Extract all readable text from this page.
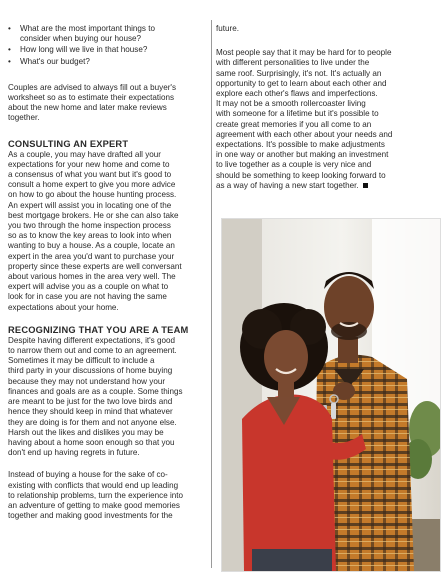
• What are the most important things to
consider when buying our house?
• How long will we live in that house?
• What's our budget?

Couples are advised to always fill out a buyer's
worksheet so as to estimate their expectations
about the new home and later make reviews
together.

CONSULTING AN EXPERT

As a couple, you may have drafted all your
expectations for your new home and come to
a consensus of what you want but it's good to
consult a home expert to give you more advice
on how to go about the house hunting process.
An expert will assist you in locating one of the
best mortgage brokers. He or she can also take
you two through the home inspection process
so as to know the key areas to look into when
wanting to buy a house. As a couple, locate an
expert in the area you'd want to purchase your
property since these experts are well conversant
about various homes in the area very well. The
expert will advise you as a couple on what to
look for in case you are not having the same
expectations about your home.

RECOGNIZING THAT YOU ARE A TEAM

Despite having different expectations, it's good
to narrow them out and come to an agreement.
Sometimes it may be difficult to include a
third party in your discussions of home buying
because they may not understand how your
finances and goals are as a couple. Some things
are meant to be just for the two love birds and
hence they should keep in mind that whatever
they are doing is for them and not anyone else.
Harsh out the likes and dislikes you may be
having about a home soon enough so that you
don't end up having regrets in future.

Instead of buying a house for the sake of co-
existing with conflicts that would end up leading
to relationship problems, turn the experience into
an adventure of getting to make good memories
together and making good investments for the

future.

Most people say that it may be hard for to people
with different personalities to live under the
same roof. Surprisingly, it's not. It's actually an
opportunity to get to learn about each other and
explore each other's flaws and imperfections.
It may not be a smooth rollercoaster living
with someone for a lifetime but it's possible to
create great memories if you all come to an
agreement with each other about your needs and
expectations. It's possible to make adjustments
in one way or another but making an investment
to live together as a couple is very nice and
should be something to keep looking forward to
as a way of having a new start together.
